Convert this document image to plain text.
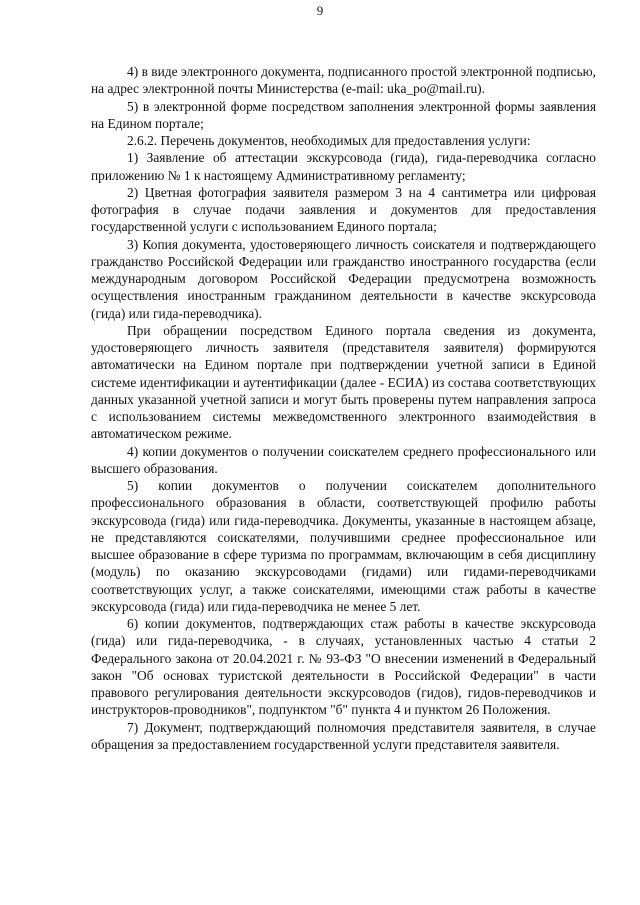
9

4) в виде электронного документа, подписанного простой электронной подписью, на адрес электронной почты Министерства (e-mail: uka_po@mail.ru).

5) в электронной форме посредством заполнения электронной формы заявления на Едином портале;

2.6.2. Перечень документов, необходимых для предоставления услуги:

1) Заявление об аттестации экскурсовода (гида), гида-переводчика согласно приложению № 1 к настоящему Административному регламенту;

2) Цветная фотография заявителя размером 3 на 4 сантиметра или цифровая фотография в случае подачи заявления и документов для предоставления государственной услуги с использованием Единого портала;

3) Копия документа, удостоверяющего личность соискателя и подтверждающего гражданство Российской Федерации или гражданство иностранного государства (если международным договором Российской Федерации предусмотрена возможность осуществления иностранным гражданином деятельности в качестве экскурсовода (гида) или гида-переводчика).

При обращении посредством Единого портала сведения из документа, удостоверяющего личность заявителя (представителя заявителя) формируются автоматически на Едином портале при подтверждении учетной записи в Единой системе идентификации и аутентификации (далее - ЕСИА) из состава соответствующих данных указанной учетной записи и могут быть проверены путем направления запроса с использованием системы межведомственного электронного взаимодействия в автоматическом режиме.

4) копии документов о получении соискателем среднего профессионального или высшего образования.

5) копии документов о получении соискателем дополнительного профессионального образования в области, соответствующей профилю работы экскурсовода (гида) или гида-переводчика. Документы, указанные в настоящем абзаце, не представляются соискателями, получившими среднее профессиональное или высшее образование в сфере туризма по программам, включающим в себя дисциплину (модуль) по оказанию экскурсоводами (гидами) или гидами-переводчиками соответствующих услуг, а также соискателями, имеющими стаж работы в качестве экскурсовода (гида) или гида-переводчика не менее 5 лет.

6) копии документов, подтверждающих стаж работы в качестве экскурсовода (гида) или гида-переводчика, - в случаях, установленных частью 4 статьи 2 Федерального закона от 20.04.2021 г. № 93-ФЗ "О внесении изменений в Федеральный закон "Об основах туристской деятельности в Российской Федерации" в части правового регулирования деятельности экскурсоводов (гидов), гидов-переводчиков и инструкторов-проводников", подпунктом "б" пункта 4 и пунктом 26 Положения.

7) Документ, подтверждающий полномочия представителя заявителя, в случае обращения за предоставлением государственной услуги представителя заявителя.
